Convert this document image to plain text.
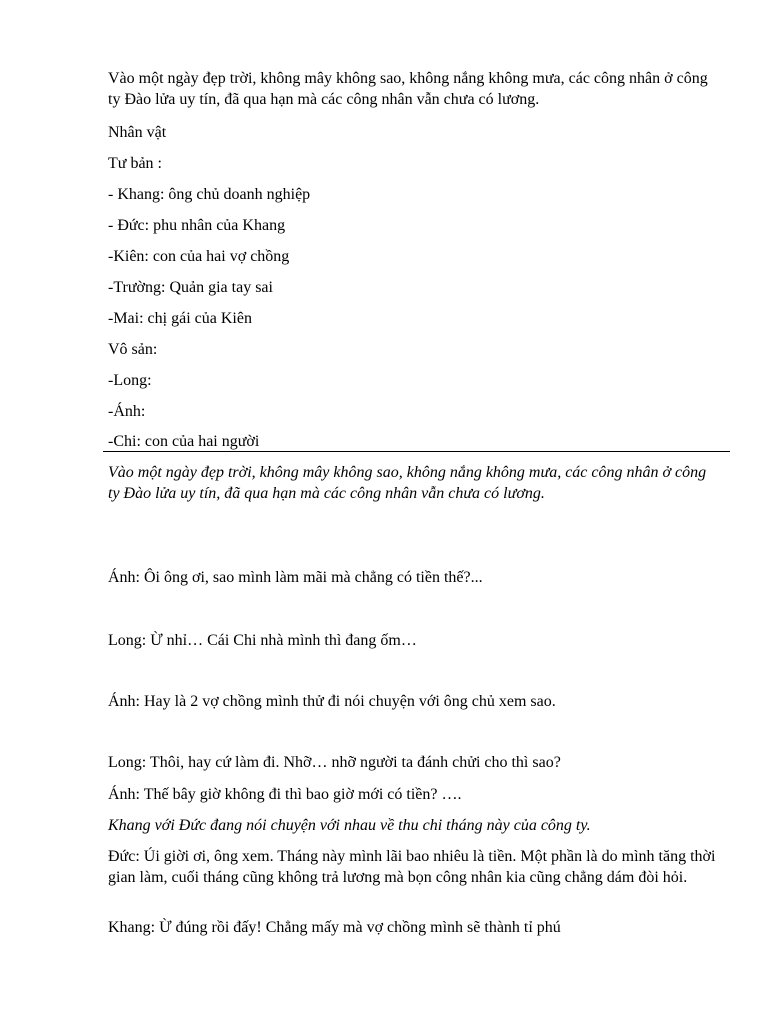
Vào một ngày đẹp trời, không mây không sao, không nắng không mưa, các công nhân ở công ty Đào lửa uy tín, đã qua hạn mà các công nhân vẫn chưa có lương.
Nhân vật
Tư bản :
- Khang: ông chủ doanh nghiệp
- Đức: phu nhân của Khang
-Kiên: con của hai vợ chồng
-Trường: Quản gia tay sai
-Mai: chị gái của Kiên
Vô sản:
-Long:
-Ánh:
-Chi: con của hai người
Vào một ngày đẹp trời, không mây không sao, không nắng không mưa, các công nhân ở công ty Đào lửa uy tín, đã qua hạn mà các công nhân vẫn chưa có lương.
Ánh: Ôi ông ơi, sao mình làm mãi mà chẳng có tiền thế?...
Long: Ừ nhỉ… Cái Chi nhà mình thì đang ốm…
Ánh: Hay là 2 vợ chồng mình thử đi nói chuyện với ông chủ xem sao.
Long: Thôi, hay cứ làm đi. Nhỡ… nhỡ người ta đánh chửi cho thì sao?
Ánh: Thế bây giờ không đi thì bao giờ mới có tiền? ….
Khang với Đức đang nói chuyện với nhau về thu chi tháng này của công ty.
Đức: Úi giời ơi, ông xem. Tháng này mình lãi bao nhiêu là tiền. Một phần là do mình tăng thời gian làm, cuối tháng cũng không trả lương mà bọn công nhân kia cũng chẳng dám đòi hỏi.
Khang: Ừ đúng rồi đấy! Chẳng mấy mà vợ chồng mình sẽ thành tỉ phú
